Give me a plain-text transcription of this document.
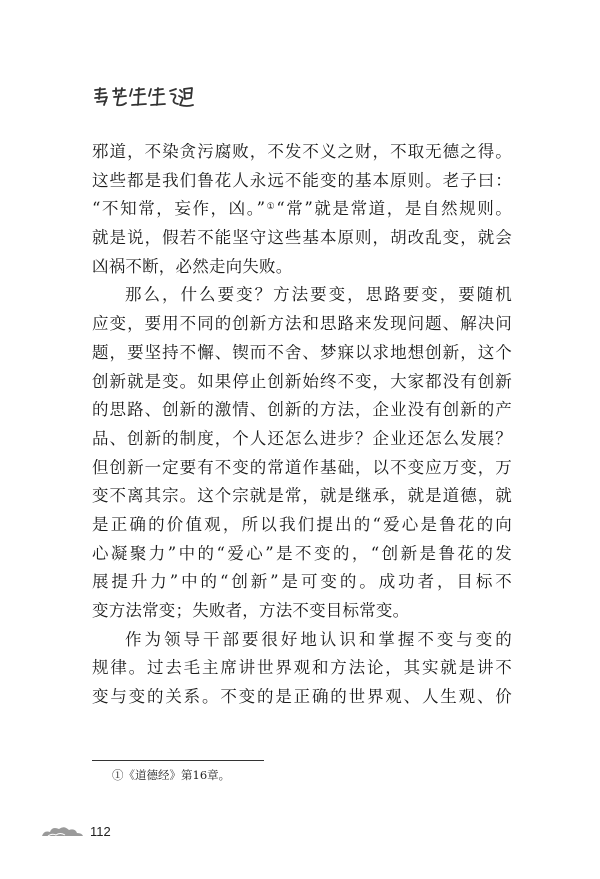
邪道，不染贪污腐败，不发不义之财，不取无德之得。
这些都是我们鲁花人永远不能变的基本原则。老子曰：
“不知常，妄作，凶。”①“常”就是常道，是自然规则。
就是说，假若不能坚守这些基本原则，胡改乱变，就会
凶祸不断，必然走向失败。
那么，什么要变？方法要变，思路要变，要随机
应变，要用不同的创新方法和思路来发现问题、解决问
题，要坚持不懈、锲而不舍、梦寐以求地想创新，这个
创新就是变。如果停止创新始终不变，大家都没有创新
的思路、创新的激情、创新的方法，企业没有创新的产
品、创新的制度，个人还怎么进步？企业还怎么发展？
但创新一定要有不变的常道作基础，以不变应万变，万
变不离其宗。这个宗就是常，就是继承，就是道德，就
是正确的价值观，所以我们提出的“爱心是鲁花的向
心凝聚力”中的“爱心”是不变的，“创新是鲁花的发
展提升力”中的“创新”是可变的。成功者，目标不
变方法常变；失败者，方法不变目标常变。
作为领导干部要很好地认识和掌握不变与变的
规律。过去毛主席讲世界观和方法论，其实就是讲不
变与变的关系。不变的是正确的世界观、人生观、价
①《道德经》第16章。
112
